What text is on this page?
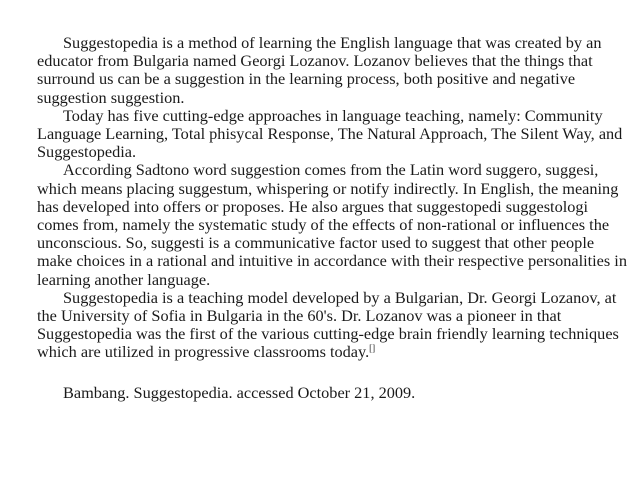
Suggestopedia is a method of learning the English language that was created by an educator from Bulgaria named Georgi Lozanov. Lozanov believes that the things that surround us can be a suggestion in the learning process, both positive and negative suggestion suggestion.

Today has five cutting-edge approaches in language teaching, namely: Community Language Learning, Total phisycal Response, The Natural Approach, The Silent Way, and Suggestopedia.

According Sadtono word suggestion comes from the Latin word suggero, suggesi, which means placing suggestum, whispering or notify indirectly. In English, the meaning has developed into offers or proposes. He also argues that suggestopedi suggestologi comes from, namely the systematic study of the effects of non-rational or influences the unconscious. So, suggesti is a communicative factor used to suggest that other people make choices in a rational and intuitive in accordance with their respective personalities in learning another language.

Suggestopedia is a teaching model developed by a Bulgarian, Dr. Georgi Lozanov, at the University of Sofia in Bulgaria in the 60's. Dr. Lozanov was a pioneer in that Suggestopedia was the first of the various cutting-edge brain friendly learning techniques which are utilized in progressive classrooms today.[]

Bambang. Suggestopedia. accessed October 21, 2009.
